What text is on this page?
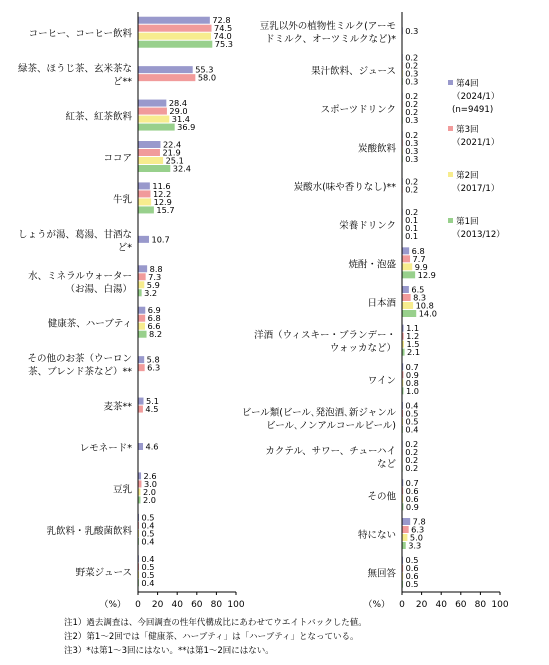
0 20 40 60 80 100
（%）
コーヒー、コーヒー飲料
72.8
74.5
74.0
75.3
緑茶、ほうじ茶、玄米茶な
ど**
55.3
58.0
紅茶、紅茶飲料
28.4
29.0
31.4
36.9
ココア
22.4
21.9
25.1
32.4
牛乳
11.6
12.2
12.9
15.7
しょうが湯、葛湯、甘酒な
ど*
10.7
水、ミネラルウォーター
（お湯、白湯）
8.8
7.3
5.9
3.2
健康茶、ハーブティ
6.9
6.8
6.6
8.2
その他のお茶（ウーロン
茶、ブレンド茶など）**
5.8
6.3
麦茶**
5.1
4.5
レモネード* 4.6
豆乳
2.6
3.0
2.0
2.0
乳飲料・乳酸菌飲料
0.5
0.4
0.5
0.4
野菜ジュース
0.4
0.5
0.5
0.4
0 20 40 60 80 100
（%）
豆乳以外の植物性ミルク(アーモ
ドミルク、オーツミルクなど)*
0.3
果汁飲料、ジュース
0.2
0.2
0.3
0.3
スポーツドリンク
0.2
0.2
0.2
0.3
炭酸飲料
0.2
0.3
0.3
0.3
炭酸水(味や香りなし)**
0.2
0.2
栄養ドリンク
0.2
0.1
0.1
0.1
焼酎・泡盛
6.8
7.7
9.9
12.9
日本酒
6.5
8.3
10.8
14.0
洋酒（ウィスキー・ブランデー・
ウォッカなど）
1.1
1.2
1.5
2.1
ワイン
0.7
0.9
0.8
1.0
ビール類(ビール､発泡酒､新ジャンル
ビール､ノンアルコールビール)
0.4
0.5
0.5
0.4
カクテル、サワー、チューハイ
など
0.2
0.2
0.2
0.2
その他
0.7
0.6
0.6
0.9
特にない
7.8
6.3
5.0
3.3
無回答
0.5
0.6
0.6
0.5
第4回
（2024/1）
(n=9491)
第3回
（2021/1）
第2回
（2017/1）
第1回
（2013/12）
注1）過去調査は、今回調査の性年代構成比にあわせてウエイトバックした値。
注2）第1～2回では「健康茶、ハーブティ」は「ハーブティ」となっている。
注3）*は第1～3回にはない。**は第1～2回にはない。
